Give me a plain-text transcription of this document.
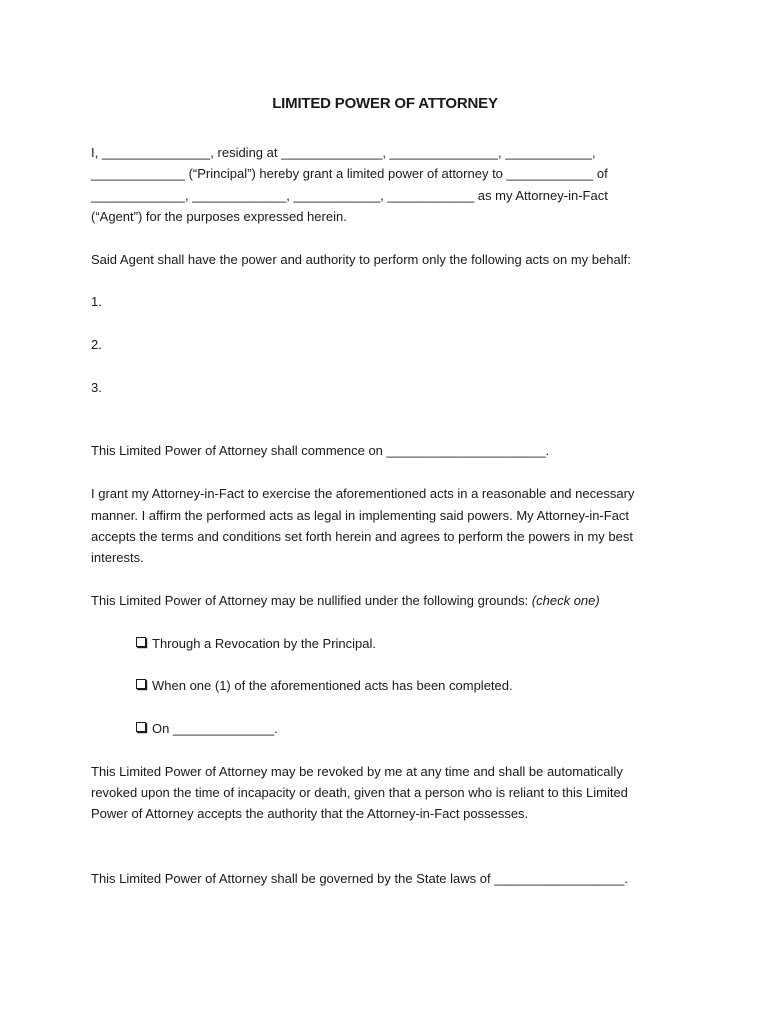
LIMITED POWER OF ATTORNEY
I, _______________, residing at ______________, _______________, ____________,
_____________ (“Principal”) hereby grant a limited power of attorney to ____________ of
_____________, _____________, ____________, ____________ as my Attorney-in-Fact
(“Agent”) for the purposes expressed herein.
Said Agent shall have the power and authority to perform only the following acts on my behalf:
1.
2.
3.
This Limited Power of Attorney shall commence on ______________________.
I grant my Attorney-in-Fact to exercise the aforementioned acts in a reasonable and necessary
manner. I affirm the performed acts as legal in implementing said powers. My Attorney-in-Fact
accepts the terms and conditions set forth herein and agrees to perform the powers in my best
interests.
This Limited Power of Attorney may be nullified under the following grounds: (check one)
Through a Revocation by the Principal.
When one (1) of the aforementioned acts has been completed.
On ______________.
This Limited Power of Attorney may be revoked by me at any time and shall be automatically
revoked upon the time of incapacity or death, given that a person who is reliant to this Limited
Power of Attorney accepts the authority that the Attorney-in-Fact possesses.
This Limited Power of Attorney shall be governed by the State laws of __________________.
